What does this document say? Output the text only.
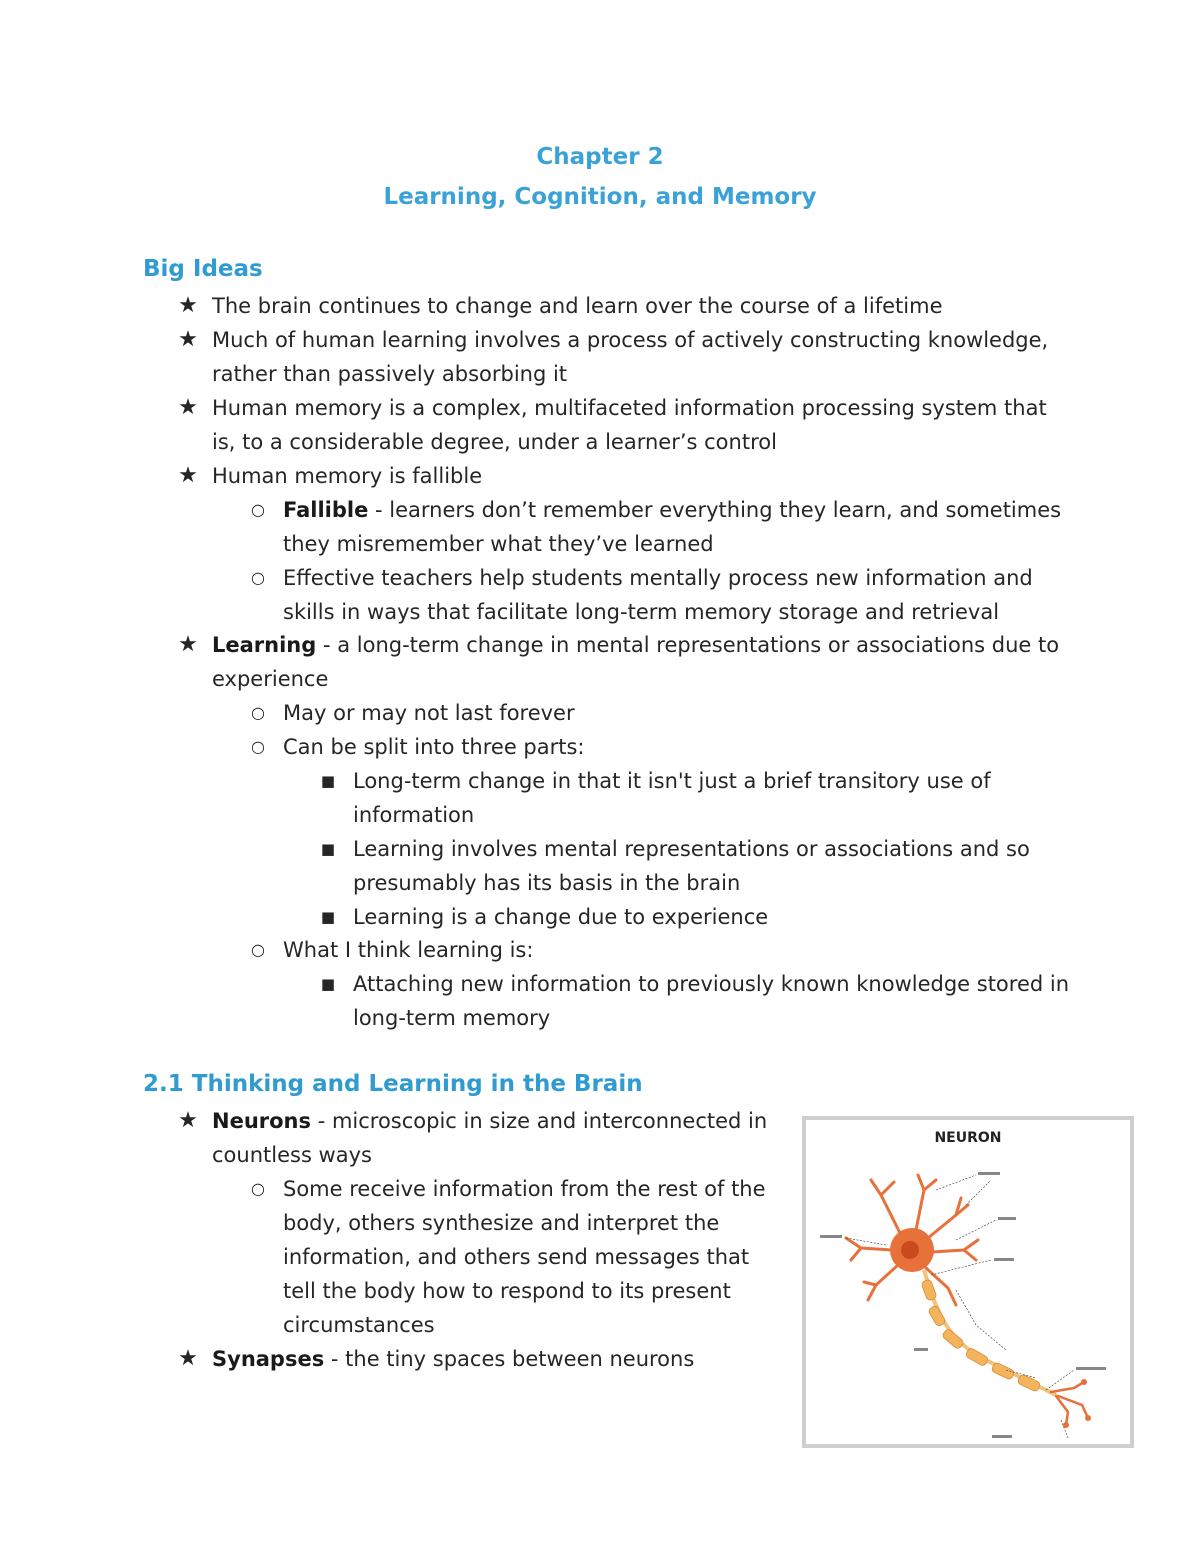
Chapter 2
Learning, Cognition, and Memory
Big Ideas
★ The brain continues to change and learn over the course of a lifetime
★ Much of human learning involves a process of actively constructing knowledge, rather than passively absorbing it
★ Human memory is a complex, multifaceted information processing system that is, to a considerable degree, under a learner’s control
★ Human memory is fallible
○ Fallible - learners don’t remember everything they learn, and sometimes they misremember what they’ve learned
○ Effective teachers help students mentally process new information and skills in ways that facilitate long-term memory storage and retrieval
★ Learning - a long-term change in mental representations or associations due to experience
○ May or may not last forever
○ Can be split into three parts:
■ Long-term change in that it isn't just a brief transitory use of information
■ Learning involves mental representations or associations and so presumably has its basis in the brain
■ Learning is a change due to experience
○ What I think learning is:
■ Attaching new information to previously known knowledge stored in long-term memory
2.1 Thinking and Learning in the Brain
★ Neurons - microscopic in size and interconnected in countless ways
○ Some receive information from the rest of the body, others synthesize and interpret the information, and others send messages that tell the body how to respond to its present circumstances
★ Synapses - the tiny spaces between neurons
NEURON
